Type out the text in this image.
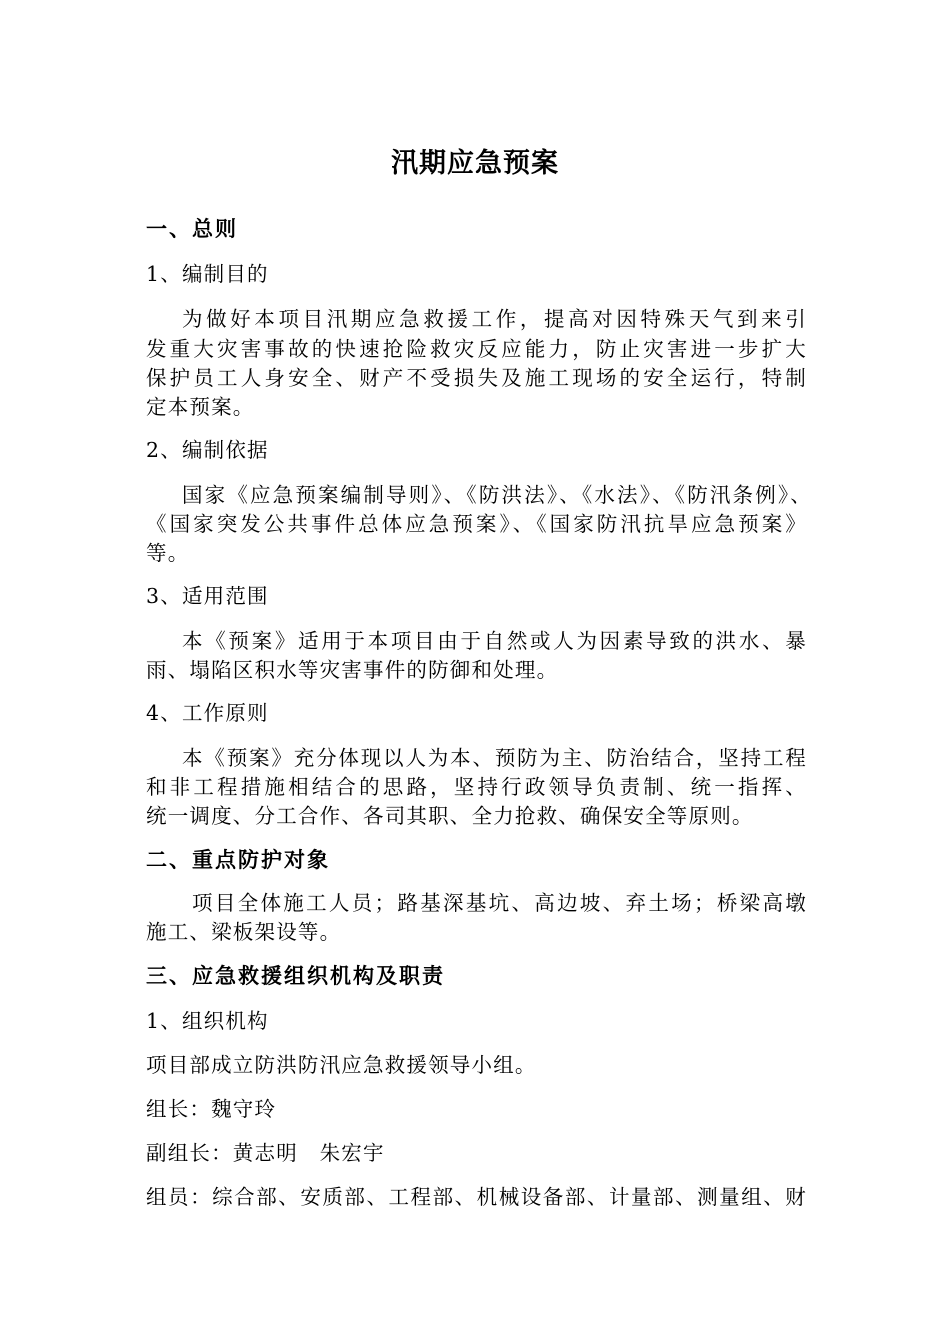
汛期应急预案
一、总则
1、编制目的
为做好本项目汛期应急救援工作，提高对因特殊天气到来引
发重大灾害事故的快速抢险救灾反应能力，防止灾害进一步扩大
保护员工人身安全、财产不受损失及施工现场的安全运行，特制
定本预案。
2、编制依据
国家《应急预案编制导则》、《防洪法》、《水法》、《防汛条例》、
《国家突发公共事件总体应急预案》、《国家防汛抗旱应急预案》
等。
3、适用范围
本《预案》适用于本项目由于自然或人为因素导致的洪水、暴
雨、塌陷区积水等灾害事件的防御和处理。
4、工作原则
本《预案》充分体现以人为本、预防为主、防治结合，坚持工程
和非工程措施相结合的思路，坚持行政领导负责制、统一指挥、
统一调度、分工合作、各司其职、全力抢救、确保安全等原则。
二、重点防护对象
项目全体施工人员；路基深基坑、高边坡、弃土场；桥梁高墩
施工、梁板架设等。
三、应急救援组织机构及职责
1、组织机构
项目部成立防洪防汛应急救援领导小组。
组长：魏守玲
副组长：黄志明　朱宏宇
组员：综合部、安质部、工程部、机械设备部、计量部、测量组、财
